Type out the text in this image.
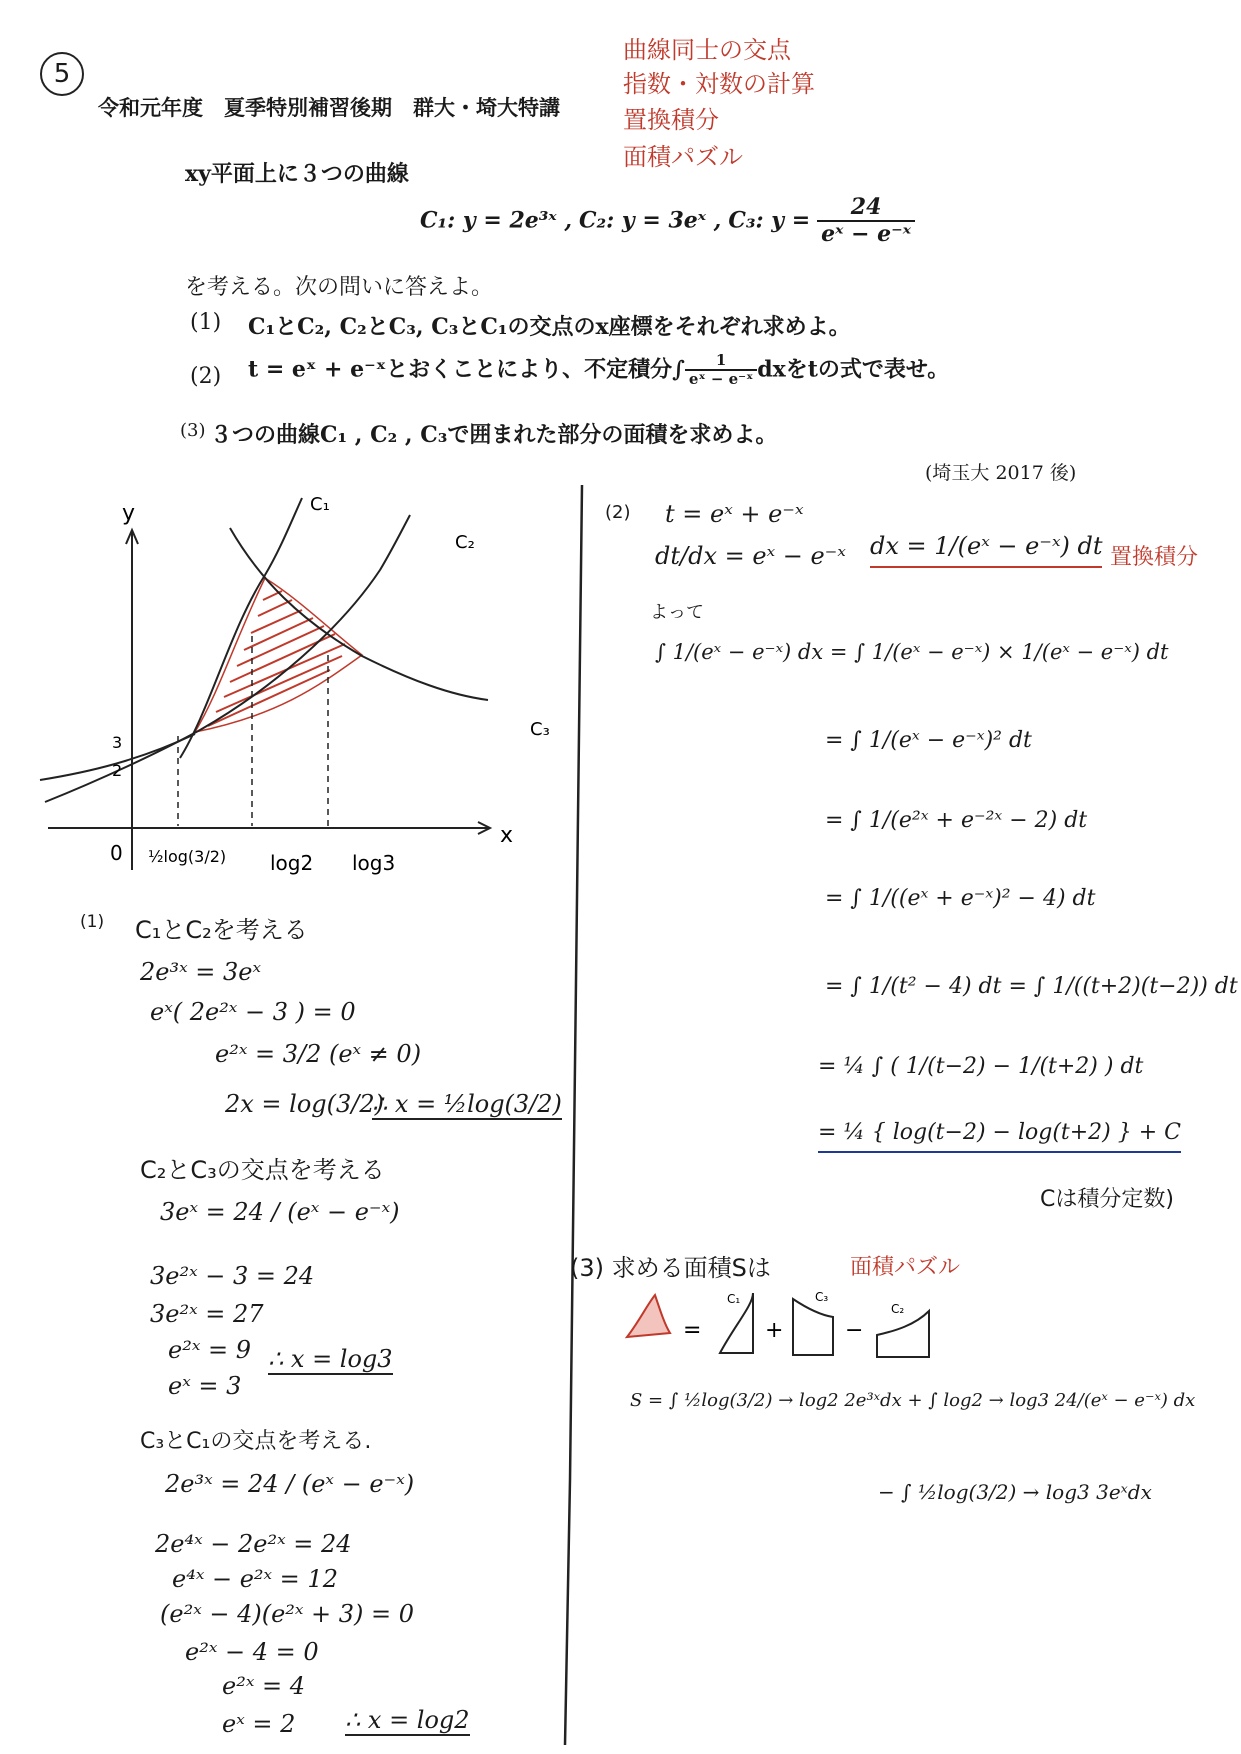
5
令和元年度　夏季特別補習後期　群大・埼大特講
曲線同士の交点
指数・対数の計算
置換積分
面積パズル
xy平面上に３つの曲線
C₁: y = 2e³ˣ , C₂: y = 3eˣ , C₃: $y = \frac{24}{\text{eˣ − e⁻ˣ}}$
を考える。次の問いに答えよ。
(1) C₁とC₂, C₂とC₃, C₃とC₁の交点のx座標をそれぞれ求めよ。
(2) t = eˣ + e⁻ˣとおくことにより、不定積分∫ $\frac{1}{\text{eˣ − e⁻ˣ}}$ dxをtの式で表せ。
(3) ３つの曲線C₁ , C₂ , C₃で囲まれた部分の面積を求めよ。
(埼玉大 2017 後)
y
x
0
C₁
C₂
C₃
3
2
½log(3/2) log2 log3
(1) C₁とC₂を考える
2e³ˣ = 3eˣ
eˣ( 2e²ˣ − 3 ) = 0
e²ˣ = 3/2 (eˣ ≠ 0)
2x = log(3/2)
∴ x = ½log(3/2)
C₂とC₃の交点を考える
3eˣ = 24 / (eˣ − e⁻ˣ)
3e²ˣ − 3 = 24
3e²ˣ = 27
e²ˣ = 9
eˣ = 3
∴ x = log3
C₃とC₁の交点を考える.
2e³ˣ = 24 / (eˣ − e⁻ˣ)
2e⁴ˣ − 2e²ˣ = 24
e⁴ˣ − e²ˣ = 12
(e²ˣ − 4)(e²ˣ + 3) = 0
e²ˣ − 4 = 0
e²ˣ = 4
eˣ = 2 ∴ x = log2
(2) t = eˣ + e⁻ˣ
dt/dx = eˣ − e⁻ˣ dx = 1/(eˣ − e⁻ˣ) dt 置換積分
よって
∫ 1/(eˣ − e⁻ˣ) dx = ∫ 1/(eˣ − e⁻ˣ) × 1/(eˣ − e⁻ˣ) dt
= ∫ 1/(eˣ − e⁻ˣ)² dt
= ∫ 1/(e²ˣ + e⁻²ˣ − 2) dt
= ∫ 1/((eˣ + e⁻ˣ)² − 4) dt
= ∫ 1/(t² − 4) dt = ∫ 1/((t+2)(t−2)) dt
= ¼ ∫ ( 1/(t−2) − 1/(t+2) ) dt
= ¼ { log(t−2) − log(t+2) } + C
Cは積分定数)
(3) 求める面積Sは	面積パズル
=
C₁
+
C₃
−
C₂
S = ∫ ½log(3/2) → log2 2e³ˣdx + ∫ log2 → log3 24/(eˣ − e⁻ˣ) dx
− ∫ ½log(3/2) → log3 3eˣdx
